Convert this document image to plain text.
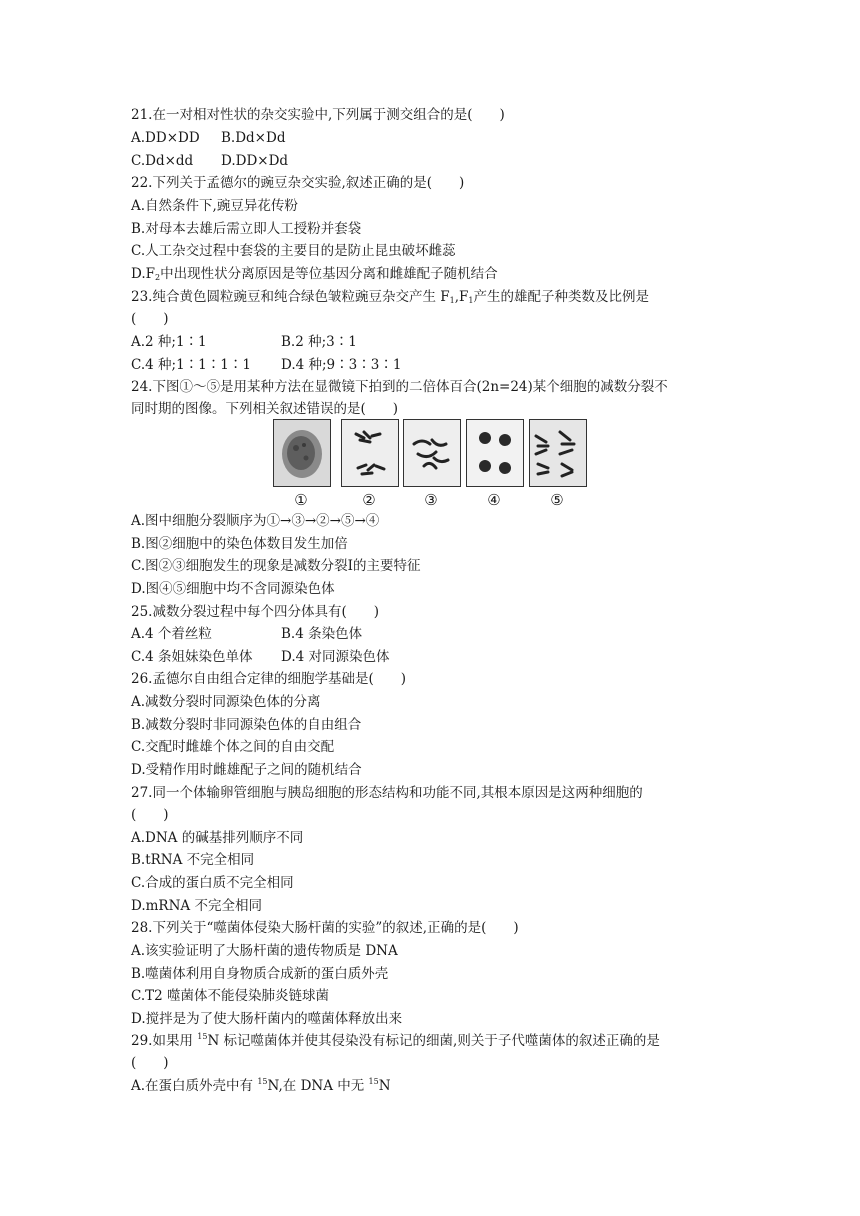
21.在一对相对性状的杂交实验中,下列属于测交组合的是(　　)
A.DD×DD B.Dd×Dd
C.Dd×dd D.DD×Dd
22.下列关于孟德尔的豌豆杂交实验,叙述正确的是(　　)
A.自然条件下,豌豆异花传粉
B.对母本去雄后需立即人工授粉并套袋
C.人工杂交过程中套袋的主要目的是防止昆虫破坏雌蕊
$D.F_2$中出现性状分离原因是等位基因分离和雌雄配子随机结合
23.纯合黄色圆粒豌豆和纯合绿色皱粒豌豆杂交产生 $F_1,F_1$产生的雄配子种类数及比例是
(　　)
A.2 种;1∶1	B.2 种;3∶1
C.4 种;1∶1∶1∶1 D.4 种;9∶3∶3∶1
24.下图①～⑤是用某种方法在显微镜下拍到的二倍体百合(2n=24)某个细胞的减数分裂不
同时期的图像。下列相关叙述错误的是(　　)
①	②	③	④	⑤
A.图中细胞分裂顺序为①→③→②→⑤→④
B.图②细胞中的染色体数目发生加倍
C.图②③细胞发生的现象是减数分裂Ⅰ的主要特征
D.图④⑤细胞中均不含同源染色体
25.减数分裂过程中每个四分体具有(　　)
A.4 个着丝粒	B.4 条染色体
C.4 条姐妹染色单体 D.4 对同源染色体
26.孟德尔自由组合定律的细胞学基础是(　　)
A.减数分裂时同源染色体的分离
B.减数分裂时非同源染色体的自由组合
C.交配时雌雄个体之间的自由交配
D.受精作用时雌雄配子之间的随机结合
27.同一个体输卵管细胞与胰岛细胞的形态结构和功能不同,其根本原因是这两种细胞的
(　　)
A.DNA 的碱基排列顺序不同
B.tRNA 不完全相同
C.合成的蛋白质不完全相同
D.mRNA 不完全相同
28.下列关于“噬菌体侵染大肠杆菌的实验”的叙述,正确的是(　　)
A.该实验证明了大肠杆菌的遗传物质是 DNA
B.噬菌体利用自身物质合成新的蛋白质外壳
C.T2 噬菌体不能侵染肺炎链球菌
D.搅拌是为了使大肠杆菌内的噬菌体释放出来
29.如果用 $^{15}$N 标记噬菌体并使其侵染没有标记的细菌,则关于子代噬菌体的叙述正确的是
(　　)
A.在蛋白质外壳中有 $^{15}$N,在 DNA 中无 $^{15}$N
